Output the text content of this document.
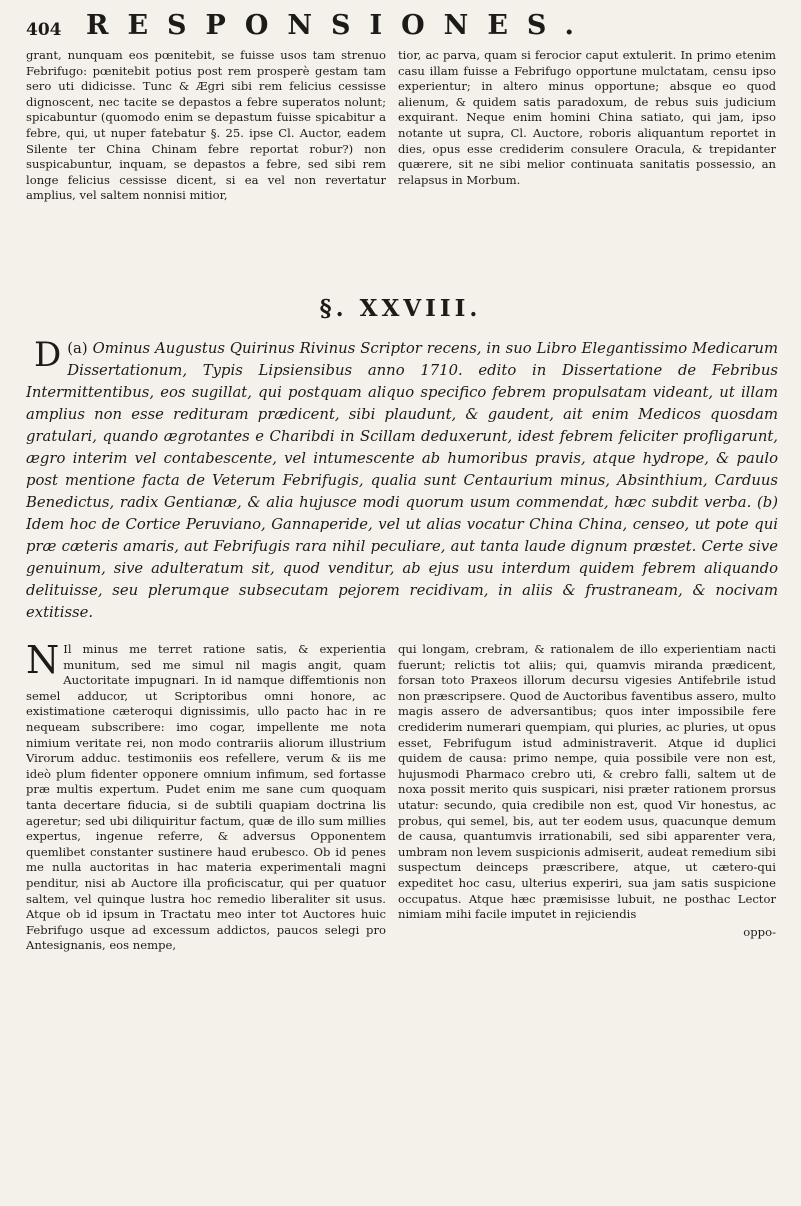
404 RESPONSIONES.

grant, nunquam eos pœnitebit, se fuisse usos tam strenuo Febrifugo: pœnitebit potius post rem prosperè gestam tam sero uti didicisse. Tunc & Ægri sibi rem felicius cessisse dignoscent, nec tacite se depastos a febre superatos nolunt; spicabuntur (quomodo enim se depastum fuisse spicabitur a febre, qui, ut nuper fatebatur §. 25. ipse Cl. Auctor, eadem Silente ter China Chinam febre reportat robur?) non suspicabuntur, inquam, se depastos a febre, sed sibi rem longe felicius cessisse dicent, si ea vel non revertatur amplius, vel saltem nonnisi mitior,

tior, ac parva, quam si ferocior caput extulerit. In primo etenim casu illam fuisse a Febrifugo opportune mulctatam, censu ipso experientur; in altero minus opportune; absque eo quod alienum, & quidem satis paradoxum, de rebus suis judicium exquirant. Neque enim homini China satiato, qui jam, ipso notante ut supra, Cl. Auctore, roboris aliquantum reportet in dies, opus esse crediderim consulere Oracula, & trepidanter quærere, sit ne sibi melior continuata sanitatis possessio, an relapsus in Morbum.

§. XXVIII.
(a)
D Ominus Augustus Quirinus Rivinus Scriptor recens, in suo Libro Elegantissimo Medicarum Dissertationum, Typis Lipsiensibus anno 1710. edito in Dissertatione de Febribus Intermittentibus, eos sugillat, qui postquam aliquo specifico febrem propulsatam videant, ut illam amplius non esse redituram prædicent, sibi plaudunt, & gaudent, ait enim Medicos quosdam gratulari, quando ægrotantes e Charibdi in Scillam deduxerunt, idest febrem feliciter profligarunt, ægro interim vel contabescente, vel intumescente ab humoribus pravis, atque hydrope, & paulo post mentione facta de Veterum Febrifugis, qualia sunt Centaurium minus, Absinthium, Carduus Benedictus, radix Gentianæ, & alia hujusce modi quorum usum commendat, hæc subdit verba. (b) Idem hoc de Cortice Peruviano, Gannaperide, vel ut alias vocatur China China, censeo, ut pote qui præ cæteris amaris, aut Febrifugis rara nihil peculiare, aut tanta laude dignum præstet. Certe sive genuinum, sive adulteratum sit, quod venditur, ab ejus usu interdum quidem febrem aliquando delituisse, seu plerumque subsecutam pejorem recidivam, in aliis & frustraneam, & nocivam extitisse.
N Il minus me terret ratione satis, & experientia munitum, sed me simul nil magis angit, quam Auctoritate impugnari. In id namque diffemtionis non semel adducor, ut Scriptoribus omni honore, ac existimatione cæteroqui dignissimis, ullo pacto hac in re nequeam subscribere: imo cogar, impellente me nota nimium veritate rei, non modo contrariis aliorum illustrium Virorum adduc. testimoniis eos refellere, verum & iis me ideò plum fidenter opponere omnium infimum, sed fortasse præ multis expertum. Pudet enim me sane cum quoquam tanta decertare fiducia, si de subtili quapiam doctrina lis ageretur; sed ubi diliquiritur factum, quæ de illo sum millies expertus, ingenue referre, & adversus Opponentem quemlibet constanter sustinere haud erubesco. Ob id penes me nulla auctoritas in hac materia experimentali magni penditur, nisi ab Auctore illa proficiscatur, qui per quatuor saltem, vel quinque lustra hoc remedio liberaliter sit usus. Atque ob id ipsum in Tractatu meo inter tot Auctores huic Febrifugo usque ad excessum addictos, paucos selegi pro Antesignanis, eos nempe,
qui longam, crebram, & rationalem de illo experientiam nacti fuerunt; relictis tot aliis; qui, quamvis miranda prædicent, forsan toto Praxeos illorum decursu vigesies Antifebrile istud non præscripsere. Quod de Auctoribus faventibus assero, multo magis assero de adversantibus; quos inter impossibile fere crediderim numerari quempiam, qui pluries, ac pluries, ut opus esset, Febrifugum istud administraverit. Atque id duplici quidem de causa: primo nempe, quia possibile vere non est, hujusmodi Pharmaco crebro uti, & crebro falli, saltem ut de noxa possit merito quis suspicari, nisi præter rationem prorsus utatur: secundo, quia credibile non est, quod Vir honestus, ac probus, qui semel, bis, aut ter eodem usus, quacunque demum de causa, quantumvis irrationabili, sed sibi apparenter vera, umbram non levem suspicionis admiserit, audeat remedium sibi suspectum deinceps præscribere, atque, ut cætero-qui expeditet hoc casu, ulterius experiri, sua jam satis suspicione occupatus. Atque hæc præmisisse lubuit, ne posthac Lector nimiam mihi facile imputet in rejiciendis
oppo-
